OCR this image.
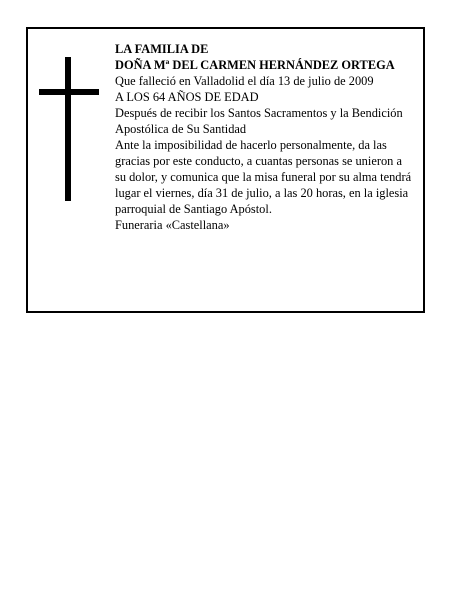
LA FAMILIA DE

DOÑA Mª DEL CARMEN HERNÁNDEZ ORTEGA

Que falleció en Valladolid el día 13 de julio de 2009

A LOS 64 AÑOS DE EDAD

Después de recibir los Santos Sacramentos y la Bendición Apostólica de Su Santidad

Ante la imposibilidad de hacerlo personalmente, da las gracias por este conducto, a cuantas personas se unieron a su dolor, y comunica que la misa funeral por su alma tendrá lugar el viernes, día 31 de julio, a las 20 horas, en la iglesia parroquial de Santiago Apóstol.

Funeraria «Castellana»
